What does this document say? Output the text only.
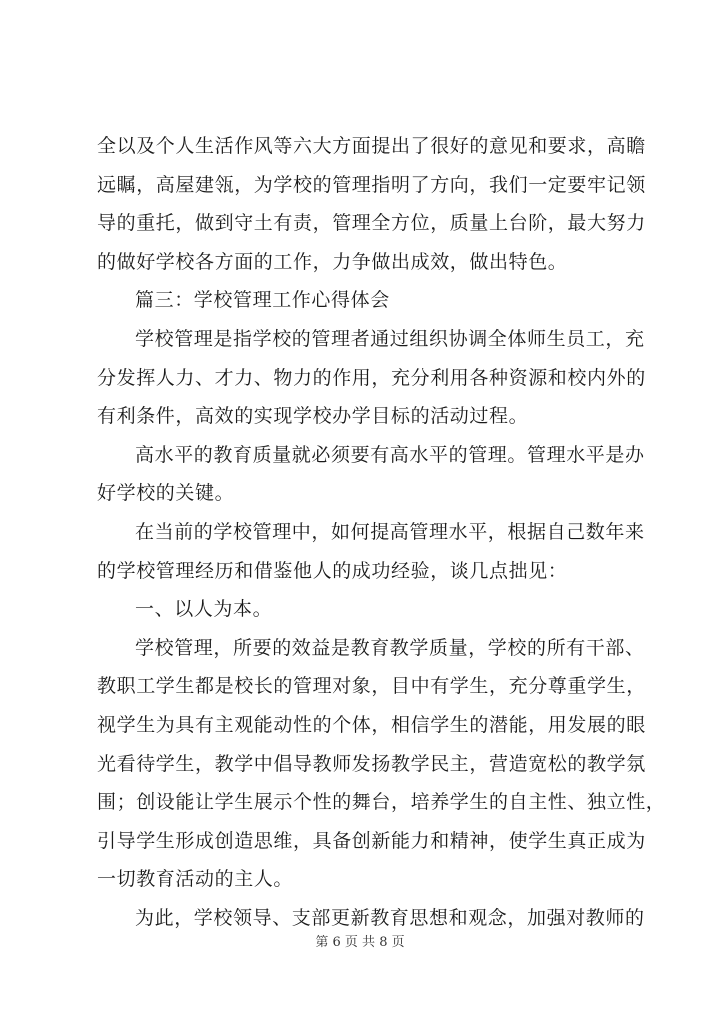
全以及个人生活作风等六大方面提出了很好的意见和要求，高瞻
远瞩，高屋建瓴，为学校的管理指明了方向，我们一定要牢记领
导的重托，做到守土有责，管理全方位，质量上台阶，最大努力
的做好学校各方面的工作，力争做出成效，做出特色。
篇三：学校管理工作心得体会
学校管理是指学校的管理者通过组织协调全体师生员工，充
分发挥人力、才力、物力的作用，充分利用各种资源和校内外的
有利条件，高效的实现学校办学目标的活动过程。
高水平的教育质量就必须要有高水平的管理。管理水平是办
好学校的关键。
在当前的学校管理中，如何提高管理水平，根据自己数年来
的学校管理经历和借鉴他人的成功经验，谈几点拙见：
一、以人为本。
学校管理，所要的效益是教育教学质量，学校的所有干部、
教职工学生都是校长的管理对象，目中有学生，充分尊重学生，
视学生为具有主观能动性的个体，相信学生的潜能，用发展的眼
光看待学生，教学中倡导教师发扬教学民主，营造宽松的教学氛
围；创设能让学生展示个性的舞台，培养学生的自主性、独立性，
引导学生形成创造思维，具备创新能力和精神，使学生真正成为
一切教育活动的主人。
为此，学校领导、支部更新教育思想和观念，加强对教师的
第 6 页 共 8 页
